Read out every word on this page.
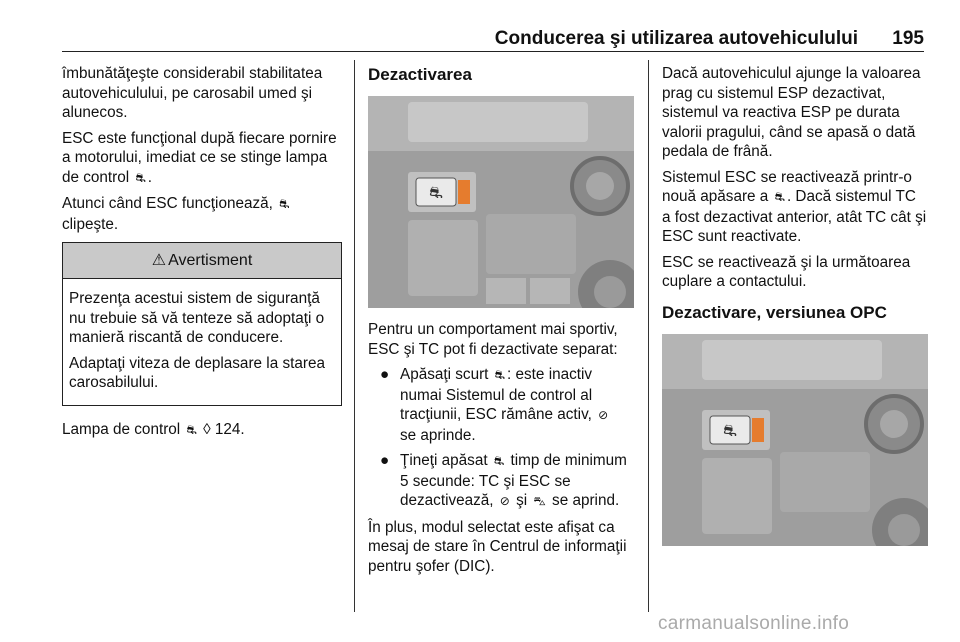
Conducerea şi utilizarea autovehiculului 195

îmbunătăţeşte considerabil stabilitatea autovehiculului, pe carosabil umed şi alunecos.

ESC este funcţional după fiecare pornire a motorului, imediat ce se stinge lampa de control ⛐ .

Atunci când ESC funcţionează, ⛐
clipeşte.

⚠ Avertisment

Prezenţa acestui sistem de siguranţă nu trebuie să vă tenteze să adoptaţi o manieră riscantă de conducere.

Adaptaţi viteza de deplasare la starea carosabilului.

Lampa de control ⛐ ◊ 124.

Dezactivarea
⛐

Pentru un comportament mai sportiv, ESC şi TC pot fi dezactivate separat:

● Apăsaţi scurt ⛐ : este inactiv numai Sistemul de control al tracţiunii, ESC rămâne activ, ⊘
se aprinde.
● Ţineţi apăsat ⛐ timp de minimum 5 secunde: TC şi ESC se dezactivează, ⊘ şi ⛍ se aprind.

În plus, modul selectat este afişat ca mesaj de stare în Centrul de informaţii pentru şofer (DIC).

Dacă autovehiculul ajunge la valoarea prag cu sistemul ESP dezactivat, sistemul va reactiva ESP pe durata valorii pragului, când se apasă o dată pedala de frână.

Sistemul ESC se reactivează printr-o nouă apăsare a ⛐ . Dacă sistemul TC a fost dezactivat anterior, atât TC cât şi ESC sunt reactivate.

ESC se reactivează şi la următoarea cuplare a contactului.

Dezactivare, versiunea OPC
⛐
carmanualsonline.info
